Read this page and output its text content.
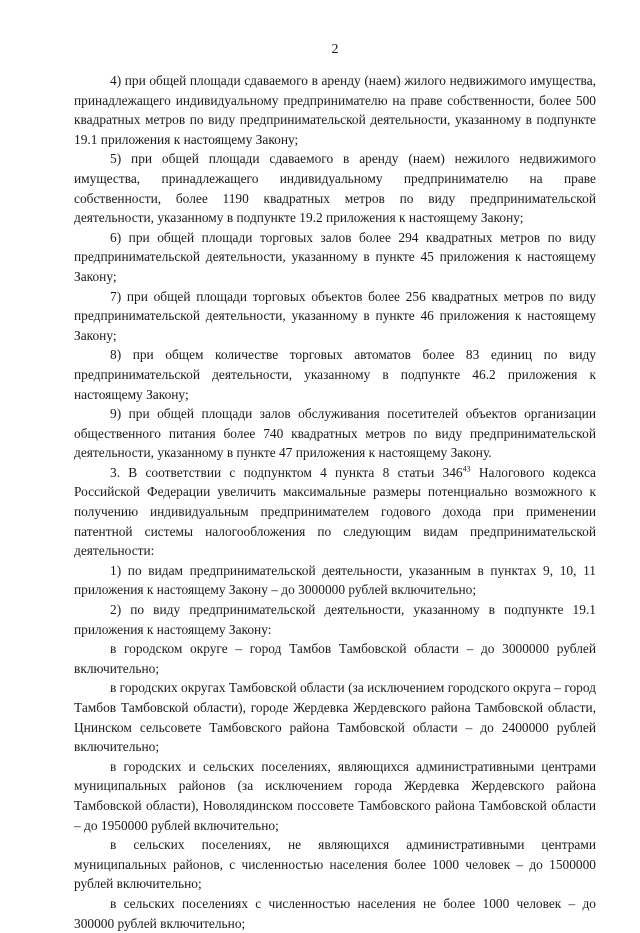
2

4) при общей площади сдаваемого в аренду (наем) жилого недвижимого имущества, принадлежащего индивидуальному предпринимателю на праве собственности, более 500 квадратных метров по виду предпринимательской деятельности, указанному в подпункте 19.1 приложения к настоящему Закону;

5) при общей площади сдаваемого в аренду (наем) нежилого недвижимого имущества, принадлежащего индивидуальному предпринимателю на праве собственности, более 1190 квадратных метров по виду предпринимательской деятельности, указанному в подпункте 19.2 приложения к настоящему Закону;

6) при общей площади торговых залов более 294 квадратных метров по виду предпринимательской деятельности, указанному в пункте 45 приложения к настоящему Закону;

7) при общей площади торговых объектов более 256 квадратных метров по виду предпринимательской деятельности, указанному в пункте 46 приложения к настоящему Закону;

8) при общем количестве торговых автоматов более 83 единиц по виду предпринимательской деятельности, указанному в подпункте 46.2 приложения к настоящему Закону;

9) при общей площади залов обслуживания посетителей объектов организации общественного питания более 740 квадратных метров по виду предпринимательской деятельности, указанному в пункте 47 приложения к настоящему Закону.

3. В соответствии с подпунктом 4 пункта 8 статьи $346^{43}$ Налогового кодекса Российской Федерации увеличить максимальные размеры потенциально возможного к получению индивидуальным предпринимателем годового дохода при применении патентной системы налогообложения по следующим видам предпринимательской деятельности:

1) по видам предпринимательской деятельности, указанным в пунктах 9, 10, 11 приложения к настоящему Закону – до 3000000 рублей включительно;

2) по виду предпринимательской деятельности, указанному в подпункте 19.1 приложения к настоящему Закону:

в городском округе – город Тамбов Тамбовской области – до 3000000 рублей включительно;

в городских округах Тамбовской области (за исключением городского округа – город Тамбов Тамбовской области), городе Жердевка Жердевского района Тамбовской области, Цнинском сельсовете Тамбовского района Тамбовской области – до 2400000 рублей включительно;

в городских и сельских поселениях, являющихся административными центрами муниципальных районов (за исключением города Жердевка Жердевского района Тамбовской области), Новолядинском поссовете Тамбовского района Тамбовской области – до 1950000 рублей включительно;

в сельских поселениях, не являющихся административными центрами муниципальных районов, с численностью населения более 1000 человек – до 1500000 рублей включительно;

в сельских поселениях с численностью населения не более 1000 человек – до 300000 рублей включительно;
